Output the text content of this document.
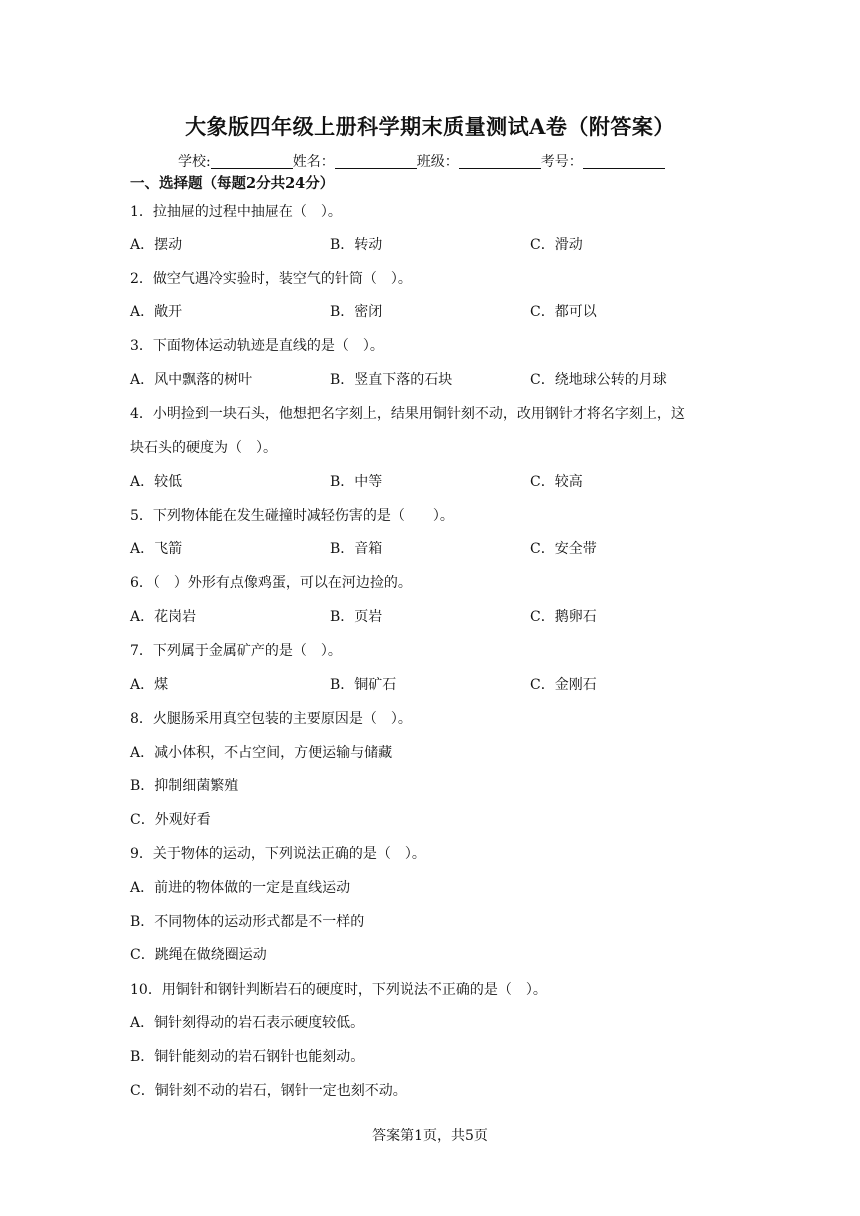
大象版四年级上册科学期末质量测试A卷（附答案）
学校:	姓名：	班级：	考号：
一、选择题（每题2分共24分）
1．拉抽屉的过程中抽屉在（　）。
A．摆动	B．转动	C．滑动
2．做空气遇冷实验时，装空气的针筒（　）。
A．敞开	B．密闭	C．都可以
3．下面物体运动轨迹是直线的是（　）。
A．风中飘落的树叶	B．竖直下落的石块	C．绕地球公转的月球
4．小明捡到一块石头，他想把名字刻上，结果用铜针刻不动，改用钢针才将名字刻上，这
块石头的硬度为（　）。
A．较低	B．中等	C．较高
5．下列物体能在发生碰撞时减轻伤害的是（　　）。
A．飞箭	B．音箱	C．安全带
6．（　）外形有点像鸡蛋，可以在河边捡的。
A．花岗岩	B．页岩	C．鹅卵石
7．下列属于金属矿产的是（　）。
A．煤	B．铜矿石	C．金刚石
8．火腿肠采用真空包装的主要原因是（　）。
A．减小体积，不占空间，方便运输与储藏
B．抑制细菌繁殖
C．外观好看
9．关于物体的运动，下列说法正确的是（　）。
A．前进的物体做的一定是直线运动
B．不同物体的运动形式都是不一样的
C．跳绳在做绕圈运动
10．用铜针和钢针判断岩石的硬度时，下列说法不正确的是（　）。
A．铜针刻得动的岩石表示硬度较低。
B．铜针能刻动的岩石钢针也能刻动。
C．铜针刻不动的岩石，钢针一定也刻不动。
答案第1页，共5页
